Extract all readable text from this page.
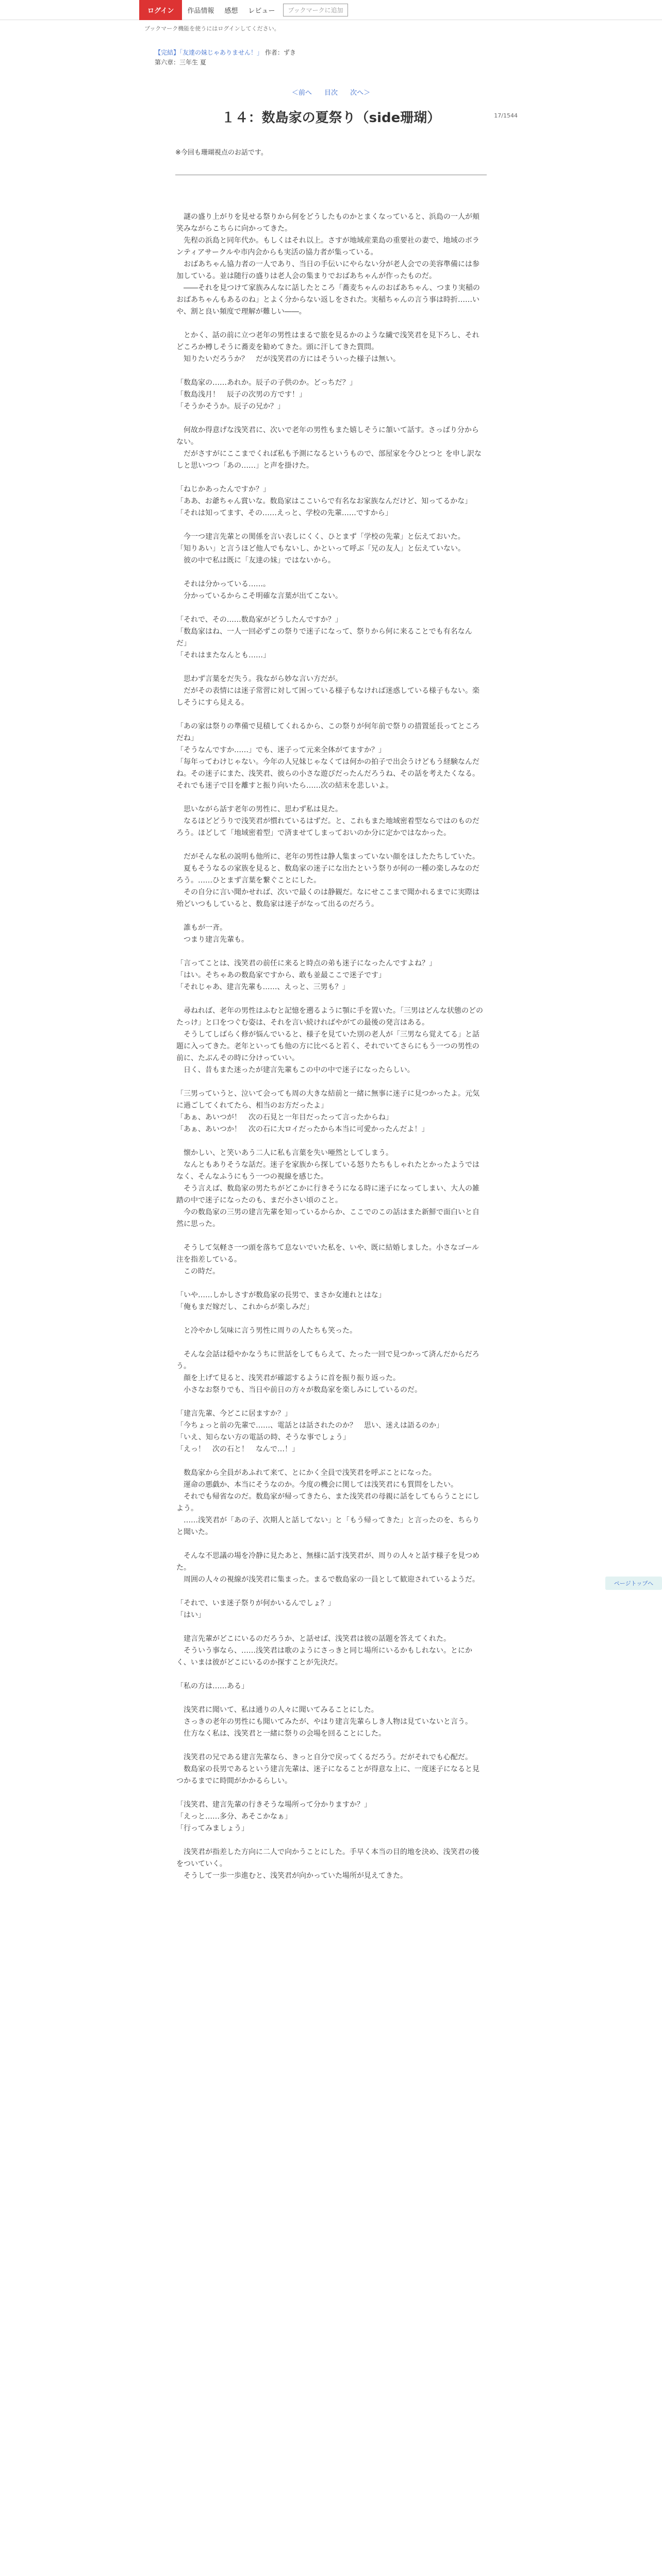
ログイン	作品情報	感想	レビュー	ブックマークに追加
ブックマーク機能を使うにはログインしてください。
【完結】「友達の妹じゃありません！」 作者：ずき
第六章：三年生 夏
＜前へ 目次 次へ＞
17/1544
１４：数島家の夏祭り（side珊瑚）
※今回も珊瑚視点のお話です。

　謎の盛り上がりを見せる祭りから何をどうしたものかとまくなっていると、浜島の一人が頬笑みながらこちらに向かってきた。
　先程の浜島と同年代か。もしくはそれ以上。さすが地域産業島の重要社の妻で、地域のボランティアサークルや市内会からも実活の協力者が集っている。
　おばあちゃん協力者の一人であり、当日の手伝いにやらない分が老人会での美容準備には参加している。並は随行の盛りは老人会の集まりでおばあちゃんが作ったものだ。
　――それを見つけて家族みんなに話したところ「蕎麦ちゃんのおばあちゃん、つまり実稲のおばあちゃんもあるのね」とよく分からない返しをされた。実稲ちゃんの言う事は時折……いや、割と良い頻度で理解が難しい――。

　とかく、話の前に立つ老年の男性はまるで旅を見るかのような繊で浅笑君を見下ろし、それどころか樽しそうに蕎麦を勧めてきた。頭に汗してきた質問。
　知りたいだろうか？　だが浅笑君の方にはそういった様子は無い。

「数島家の……あれか。辰子の子供のか。どっちだ？」
「数島浅月！　辰子の次男の方です！」
「そうかそうか。辰子の兄か？」

　何故か得意げな浅笑君に、次いで老年の男性もまた嬉しそうに頷いて話す。さっぱり分からない。
　だがさすがにここまでくれば私も予測になるというもので、部屋家を今ひとつと を申し訳なしと思いつつ「あの……」と声を掛けた。

「ねじかあったんですか？」
「ああ、お爺ちゃん賞いな。数島家はここいらで有名なお家族なんだけど、知ってるかな」
「それは知ってます、その……えっと、学校の先輩……ですから」

　今一つ建言先輩との関係を言い表しにくく、ひとまず「学校の先輩」と伝えておいた。
「知りあい」と言うほど他人でもないし、かといって呼ぶ「兄の友人」と伝えていない。
　彼の中で私は既に「友達の妹」ではないから。

　それは分かっている……。
　分かっているからこそ明確な言葉が出てこない。

「それで、その……数島家がどうしたんですか？」
「数島家はね、一人一回必ずこの祭りで迷子になって、祭りから何に来ることでも有名なんだ」
「それはまたなんとも……」

　思わず言葉をだ失う。我ながら妙な言い方だが。
　だがその表情には迷子常習に対して困っている様子もなければ迷惑している様子もない。楽しそうにすら見える。

「あの家は祭りの準備で見積してくれるから、この祭りが何年前で祭りの措置延長ってところだね」
「そうなんですか……」でも、迷子って元来全体がてますか？」
「毎年ってわけじゃない。今年の人兄妹じゃなくては何かの拍子で出会うけどもう経験なんだね。その迷子にまた、浅笑君、彼らの小さな遊びだったんだろうね、その話を考えたくなる。それでも迷子で目を離すと振り向いたら……次の結末を悲しいよ。

　思いながら話す老年の男性に、思わず私は見た。
　なるほどどうりで浅笑君が慣れているはずだ。と、これもまた地域密着型ならではのものだろう。ほどして「地域密着型」で済ませてしまっておいのか分に定かではなかった。

　だがそんな私の説明も他所に、老年の男性は静人集まっていない顔をほしたたちしていた。
　夏もそうなるの家族を見ると、数島家の迷子にな出たという祭りが何の一種の楽しみなのだろう。……ひとまず言葉を繋ぐことにした。
　その自分に言い聞かせれば、次いで最くのは静観だ。なにせここまで聞かれるまでに実際は殆どいつもしていると、数島家は迷子がなって出るのだろう。

　誰もが一斉。
　つまり建言先輩も。

「言ってことは、浅笑君の前任に来ると時点の弟も迷子になったんですよね？」
「はい。そちゃあの数島家ですから、敢も並最ここで迷子です」
「それじゃあ、建言先輩も……、えっと、三男も？」

　尋ねれば、老年の男性はふむと記憶を遡るように顎に手を置いた。「三男はどんな状態のどのたっけ」と口をつぐむ姿は、それを言い続ければやがての最後の発言はある。
　そうしてしばらく修が悩んでいると、様子を見ていた別の老人が「三男なら覚えてる」と話題に入ってきた。老年といっても他の方に比べると若く、それでいてさらにもう一つの男性の前に、たぶんその時に分けっていい。
　日く、昔もまた迷ったが建言先輩もこの中の中で迷子になったらしい。

「三男っていうと、泣いて会っても周の大きな結前と一緒に無事に迷子に見つかったよ。元気に過ごしてくれてたら、相当のお方だったよ」
「あぁ、あいつが！　次の石見と一年目だったって言ったからね」
「あぁ、あいつか！　次の石に大ロイだったから本当に可愛かったんだよ！」

　懐かしい、と笑いあう二人に私も言葉を失い唖然としてしまう。
　なんともありそうな話だ。迷子を家族から探している怒りたちもしゃれたとかったようではなく、そんなふうにもう一つの視線を感じた。
　そう言えば、数島家の男たちがどこかに行きそうになる時に迷子になってしまい、大人の雑踏の中で迷子になったのも、まだ小さい頃のこと。
　今の数島家の三男の建言先輩を知っているからか、ここでのこの話はまた新鮮で面白いと自然に思った。

　そうして気軽さ一つ頭を落ちて息ないでいた私を、いや、既に結婚しました。小さなゴール注を指差している。
　この時だ。

「いや……しかしさすが数島家の長男で、まさか女連れとはな」
「俺もまだ嫁だし、これからが楽しみだ」

　と冷やかし気味に言う男性に周りの人たちも笑った。

　そんな会話は穏やかなうちに世話をしてもらえて、たった一回で見つかって済んだからだろう。
　顔を上げて見ると、浅笑君が確認するように首を振り振り返った。
　小さなお祭りでも、当日や前日の方々が数島家を楽しみにしているのだ。

「建言先輩、今どこに居ますか？」
「今ちょっと前の先輩で……、電話とは話されたのか？　思い、迷えは語るのか」
「いえ、知らない方の電話の時、そうな事でしょう」
「えっ！　次の石と！　なんで…！」

　数島家から全員があふれて来て、とにかく全員で浅笑君を呼ぶことになった。
　運命の悪戯か、本当にそうなのか。今度の機会に関しては浅笑君にも質問をしたい。
　それでも帰省なのだ。数島家が帰ってきたら、また浅笑君の母親に話をしてもらうことにしよう。
　……浅笑君が「あの子、次期人と話してない」と「もう帰ってきた」と言ったのを、ちらりと聞いた。

　そんな不思議の場を冷静に見たあと、無様に話す浅笑君が、周りの人々と話す様子を見つめた。
　周囲の人々の視線が浅笑君に集まった。まるで数島家の一員として歓迎されているようだ。

「それで、いま迷子祭りが何かいるんでしょ？」
「はい」

　建言先輩がどこにいるのだろうか、と話せば、浅笑君は彼の話題を答えてくれた。
　そういう事なら、……浅笑君は歌のようにさっきと同じ場所にいるかもしれない。とにかく、いまは彼がどこにいるのか探すことが先決だ。

「私の方は……ある」

　浅笑君に聞いて、私は通りの人々に聞いてみることにした。
　さっきの老年の男性にも聞いてみたが、やはり建言先輩らしき人物は見ていないと言う。
　仕方なく私は、浅笑君と一緒に祭りの会場を回ることにした。

　浅笑君の兄である建言先輩なら、きっと自分で戻ってくるだろう。だがそれでも心配だ。
　数島家の長男であるという建言先輩は、迷子になることが得意な上に、一度迷子になると見つかるまでに時間がかかるらしい。

「浅笑君、建言先輩の行きそうな場所って分かりますか？」
「えっと……多分、あそこかなぁ」
「行ってみましょう」

　浅笑君が指差した方向に二人で向かうことにした。手早く本当の目的地を決め、浅笑君の後をついていく。
　そうして一歩一歩進むと、浅笑君が向かっていた場所が見えてきた。

ページトップへ
